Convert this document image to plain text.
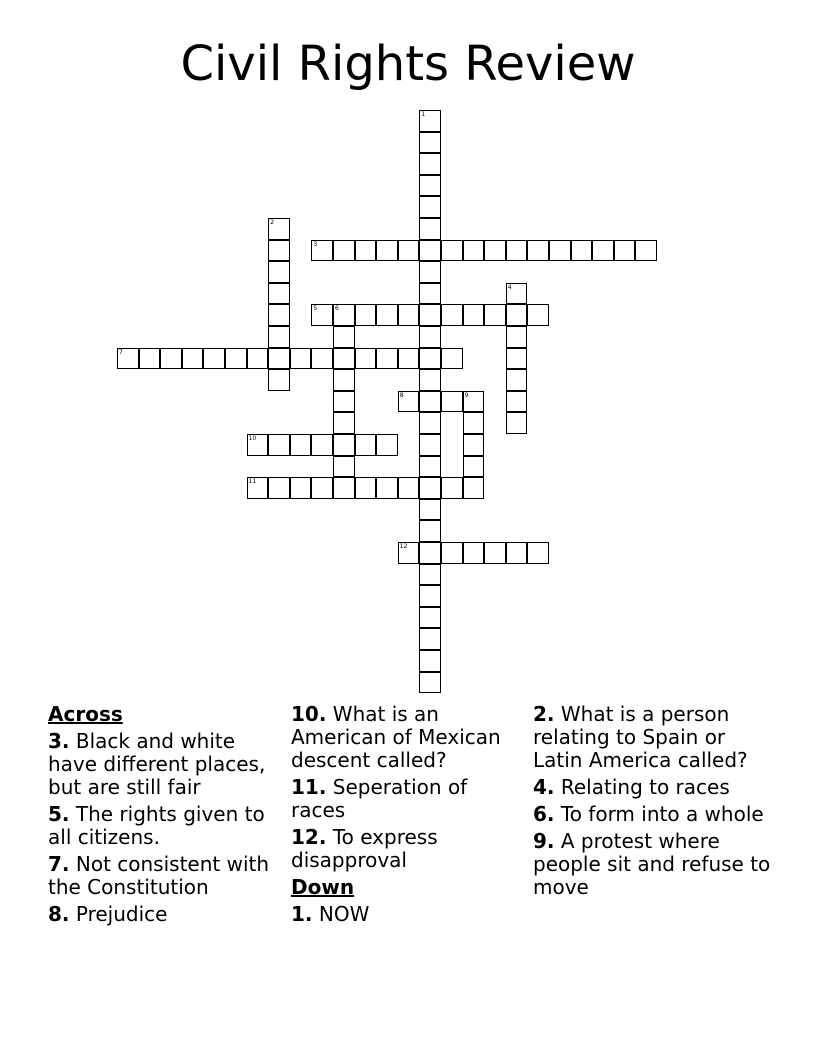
Civil Rights Review
1
2
3
4
5	6
7
8	9
10
11
12
Across
3. Black and white have different places, but are still fair
5. The rights given to all citizens.
7. Not consistent with the Constitution
8. Prejudice
10. What is an American of Mexican descent called?
11. Seperation of races
12. To express disapproval
Down
1. NOW
2. What is a person relating to Spain or Latin America called?
4. Relating to races
6. To form into a whole
9. A protest where people sit and refuse to move
